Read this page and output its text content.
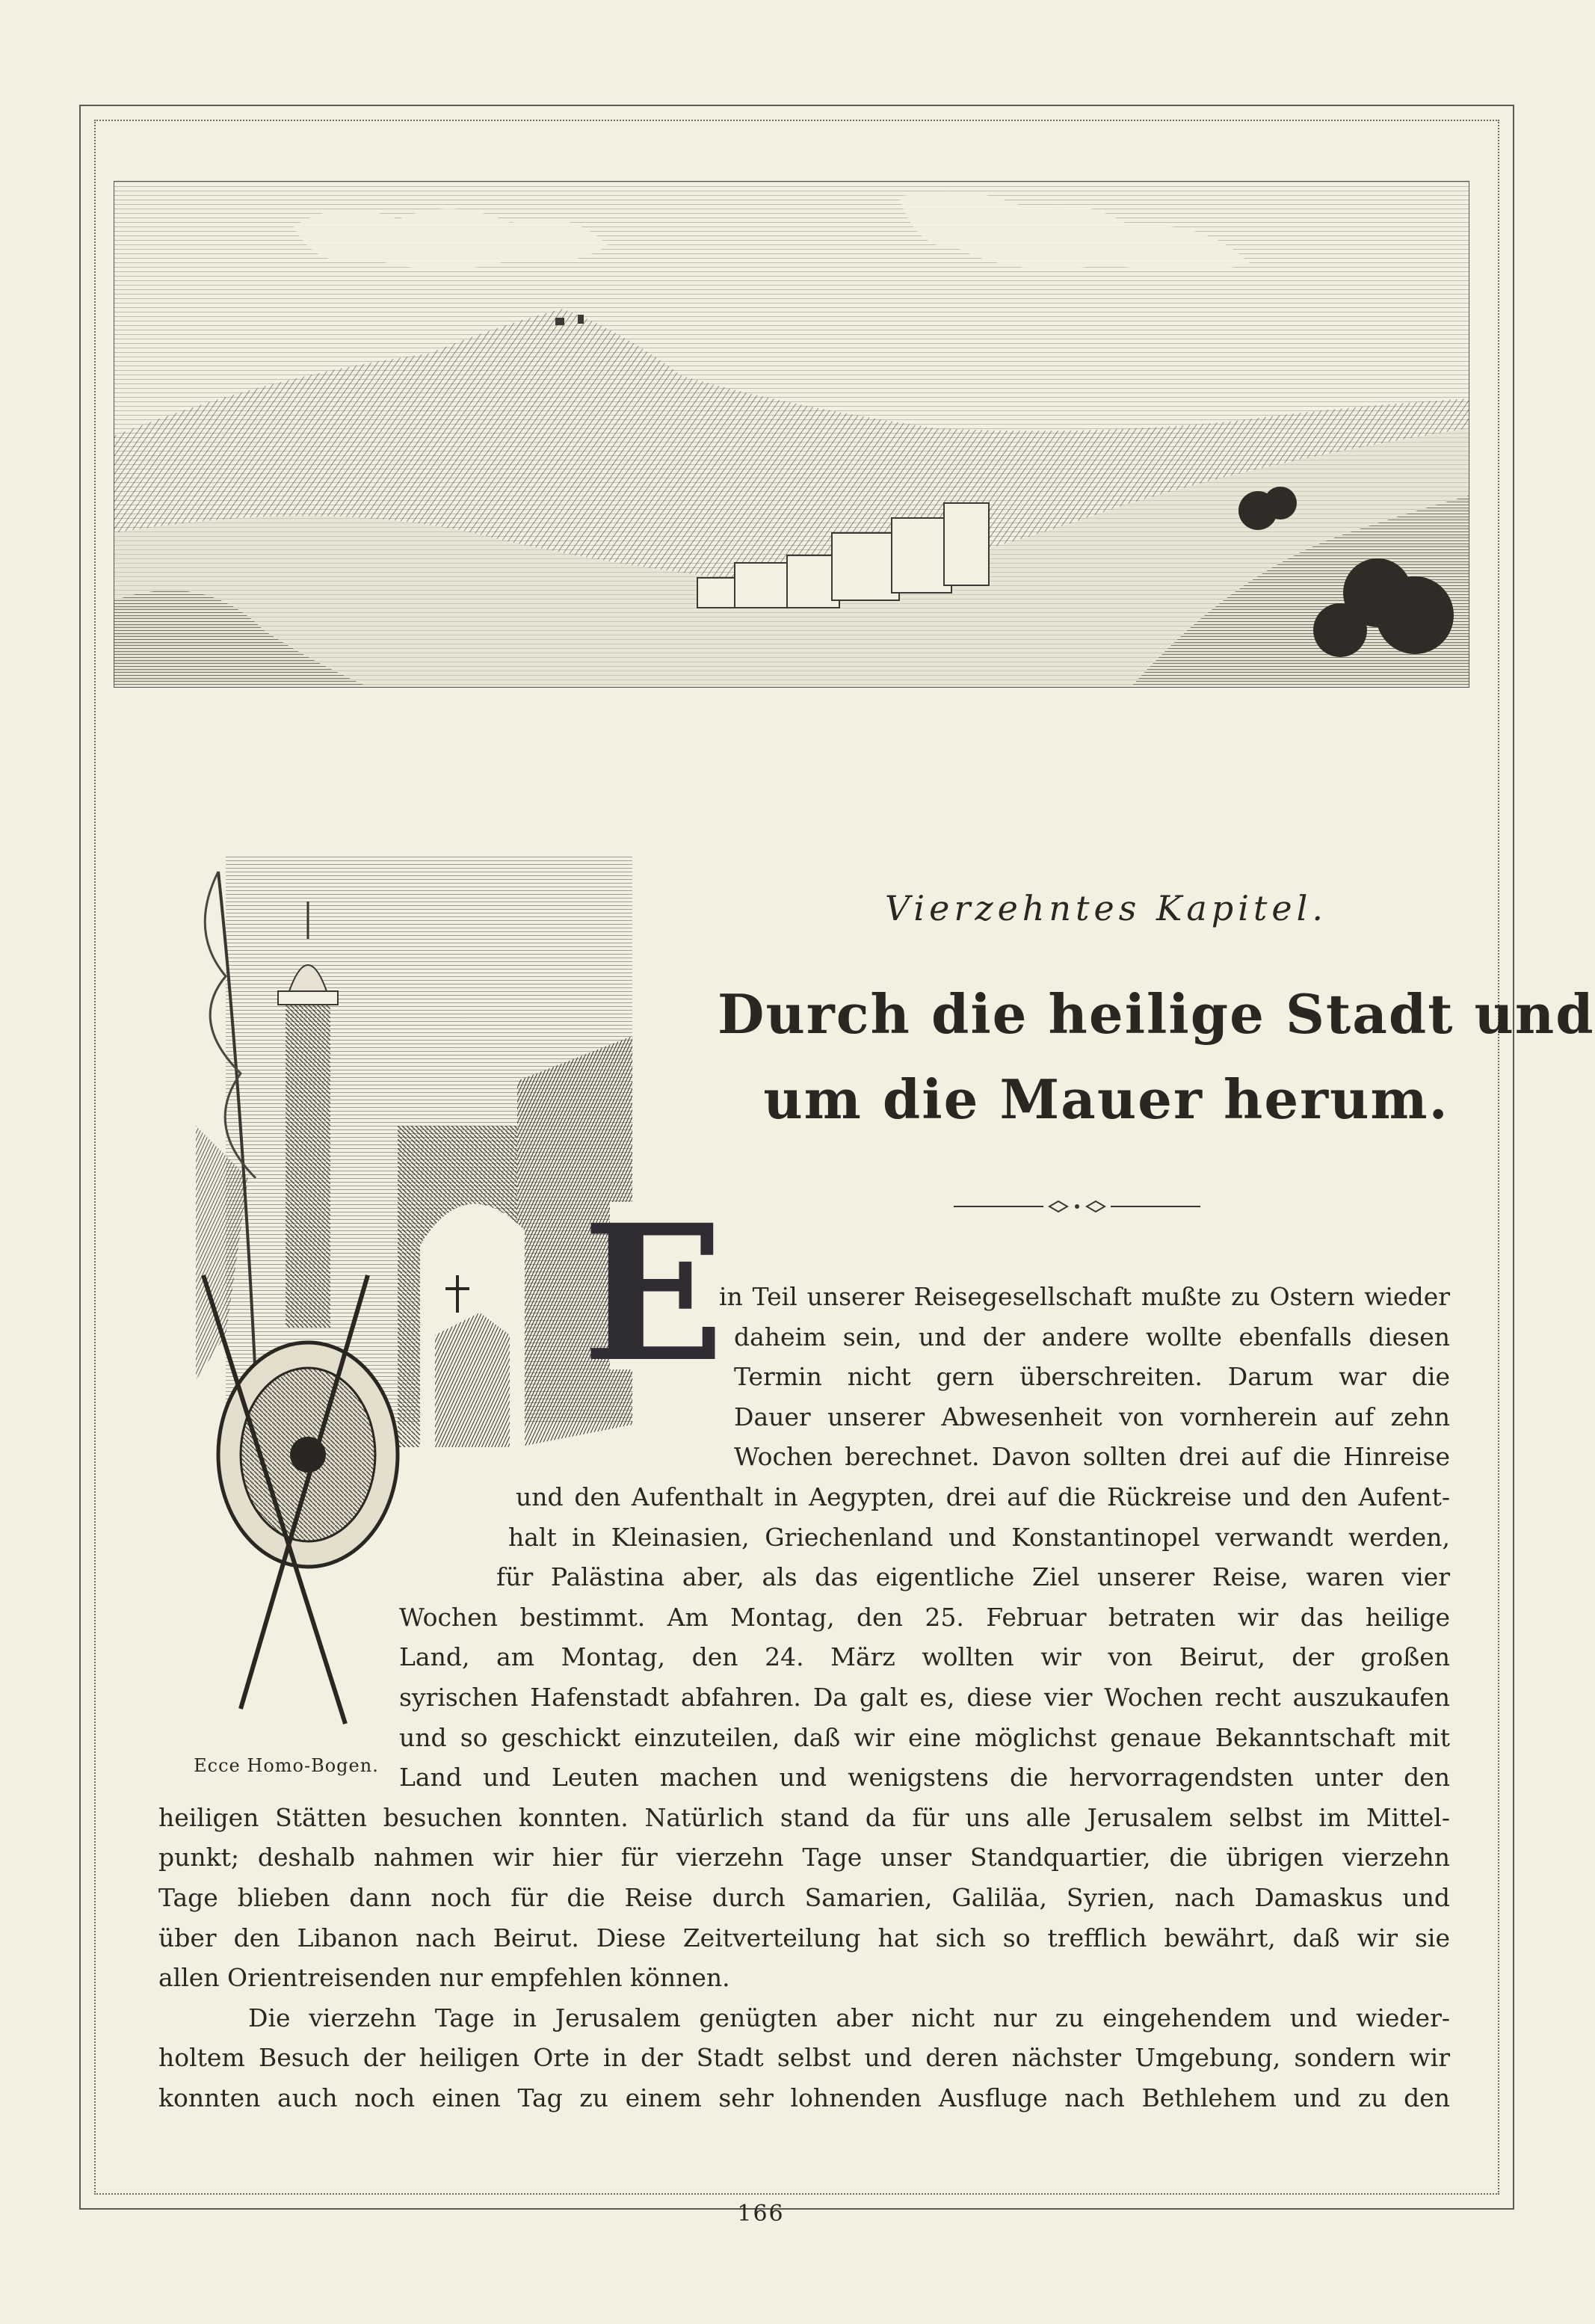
Ecce Homo-Bogen.
Vierzehntes Kapitel.
Durch die heilige Stadt und
um die Mauer herum.
E
in Teil unserer Reisegesellschaft mußte zu Ostern wieder
daheim sein, und der andere wollte ebenfalls diesen
Termin nicht gern überschreiten. Darum war die
Dauer unserer Abwesenheit von vornherein auf zehn
Wochen berechnet. Davon sollten drei auf die Hinreise
und den Aufenthalt in Aegypten, drei auf die Rückreise und den Aufent-
halt in Kleinasien, Griechenland und Konstantinopel verwandt werden,
für Palästina aber, als das eigentliche Ziel unserer Reise, waren vier
Wochen bestimmt. Am Montag, den 25. Februar betraten wir das heilige
Land, am Montag, den 24. März wollten wir von Beirut, der großen
syrischen Hafenstadt abfahren. Da galt es, diese vier Wochen recht auszukaufen
und so geschickt einzuteilen, daß wir eine möglichst genaue Bekanntschaft mit
Land und Leuten machen und wenigstens die hervorragendsten unter den
heiligen Stätten besuchen konnten. Natürlich stand da für uns alle Jerusalem selbst im Mittel-
punkt; deshalb nahmen wir hier für vierzehn Tage unser Standquartier, die übrigen vierzehn
Tage blieben dann noch für die Reise durch Samarien, Galiläa, Syrien, nach Damaskus und
über den Libanon nach Beirut. Diese Zeitverteilung hat sich so trefflich bewährt, daß wir sie
allen Orientreisenden nur empfehlen können.
Die vierzehn Tage in Jerusalem genügten aber nicht nur zu eingehendem und wieder-
holtem Besuch der heiligen Orte in der Stadt selbst und deren nächster Umgebung, sondern wir
konnten auch noch einen Tag zu einem sehr lohnenden Ausfluge nach Bethlehem und zu den
166
